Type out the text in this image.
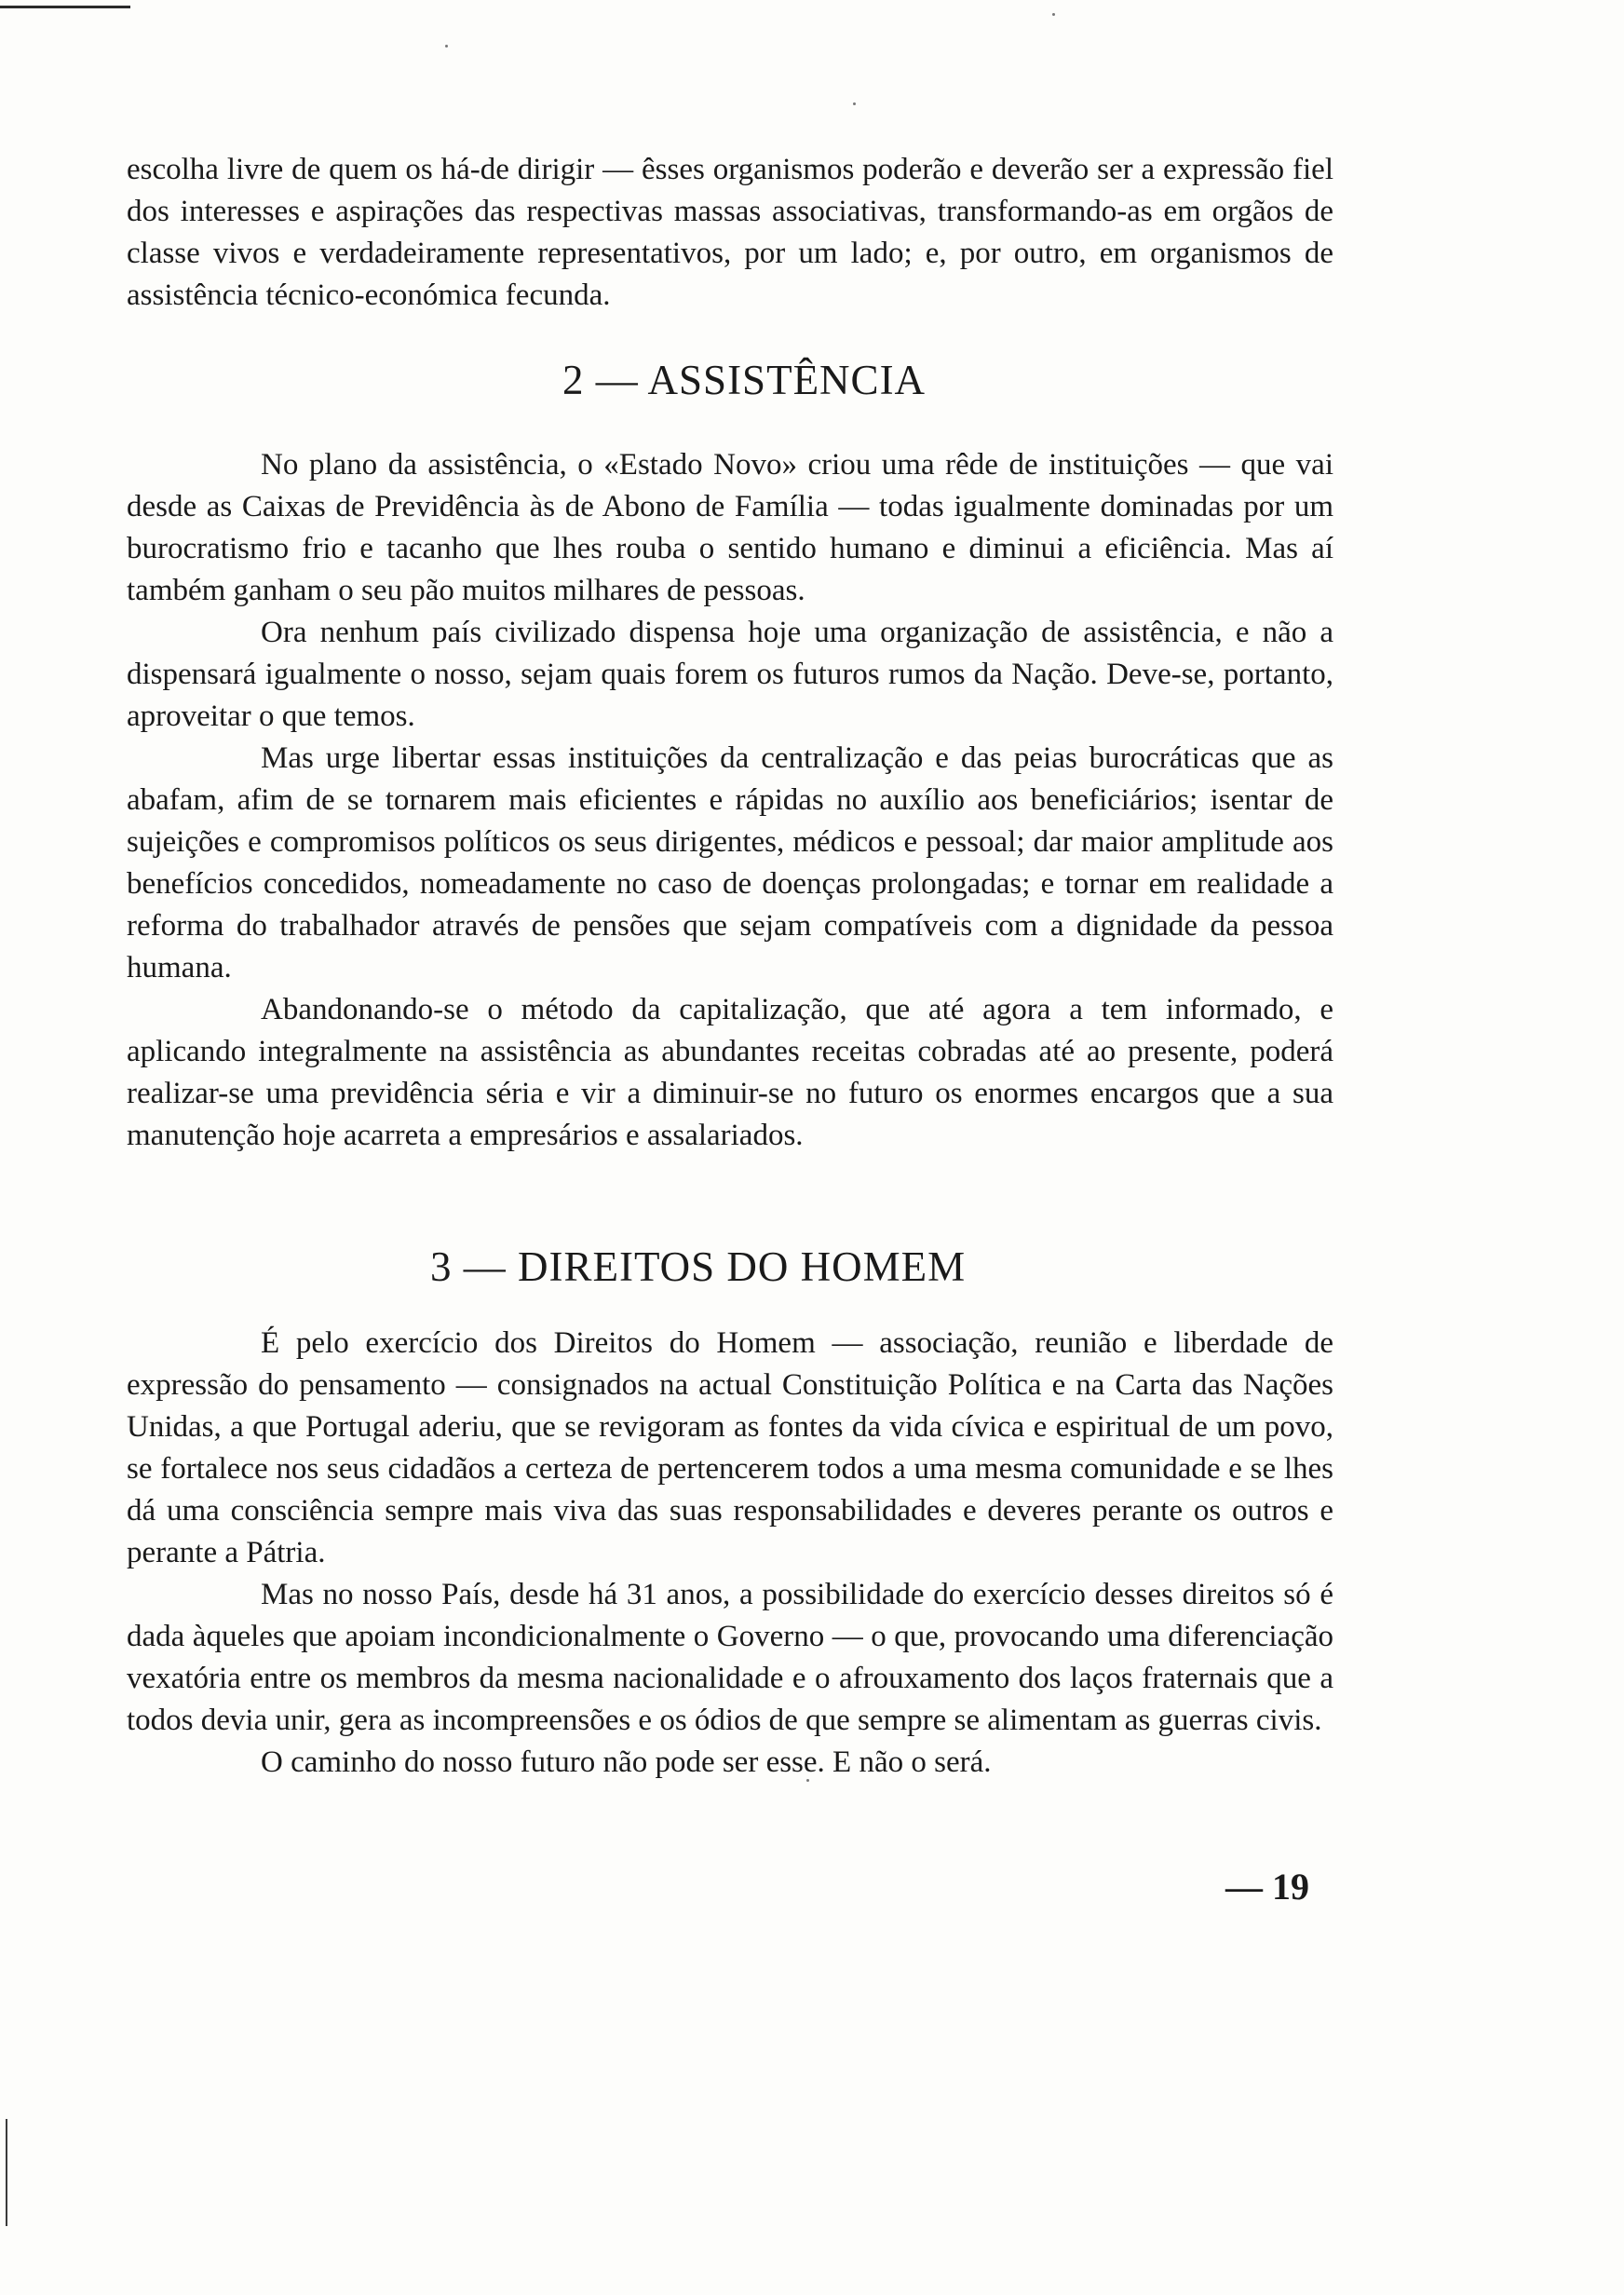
escolha livre de quem os há-de dirigir — êsses organismos poderão e deverão ser a expressão fiel dos interesses e aspirações das respectivas massas associativas, transformando-as em orgãos de classe vivos e verdadeiramente representativos, por um lado; e, por outro, em organismos de assistência técnico-económica fecunda.

2 — ASSISTÊNCIA

No plano da assistência, o «Estado Novo» criou uma rêde de instituições — que vai desde as Caixas de Previdência às de Abono de Família — todas igualmente dominadas por um burocratismo frio e tacanho que lhes rouba o sentido humano e diminui a eficiência. Mas aí também ganham o seu pão muitos milhares de pessoas.

Ora nenhum país civilizado dispensa hoje uma organização de assistência, e não a dispensará igualmente o nosso, sejam quais forem os futuros rumos da Nação. Deve-se, portanto, aproveitar o que temos.

Mas urge libertar essas instituições da centralização e das peias burocráticas que as abafam, afim de se tornarem mais eficientes e rápidas no auxílio aos beneficiários; isentar de sujeições e compromisos políticos os seus dirigentes, médicos e pessoal; dar maior amplitude aos benefícios concedidos, nomeadamente no caso de doenças prolongadas; e tornar em realidade a reforma do trabalhador através de pensões que sejam compatíveis com a dignidade da pessoa humana.

Abandonando-se o método da capitalização, que até agora a tem informado, e aplicando integralmente na assistência as abundantes receitas cobradas até ao presente, poderá realizar-se uma previdência séria e vir a diminuir-se no futuro os enormes encargos que a sua manutenção hoje acarreta a empresários e assalariados.

3 — DIREITOS DO HOMEM

É pelo exercício dos Direitos do Homem — associação, reunião e liberdade de expressão do pensamento — consignados na actual Constituição Política e na Carta das Nações Unidas, a que Portugal aderiu, que se revigoram as fontes da vida cívica e espiritual de um povo, se fortalece nos seus cidadãos a certeza de pertencerem todos a uma mesma comunidade e se lhes dá uma consciência sempre mais viva das suas responsabilidades e deveres perante os outros e perante a Pátria.

Mas no nosso País, desde há 31 anos, a possibilidade do exercício desses direitos só é dada àqueles que apoiam incondicionalmente o Governo — o que, provocando uma diferenciação vexatória entre os membros da mesma nacionalidade e o afrouxamento dos laços fraternais que a todos devia unir, gera as incompreensões e os ódios de que sempre se alimentam as guerras civis.

O caminho do nosso futuro não pode ser esse. E não o será.

— 19
